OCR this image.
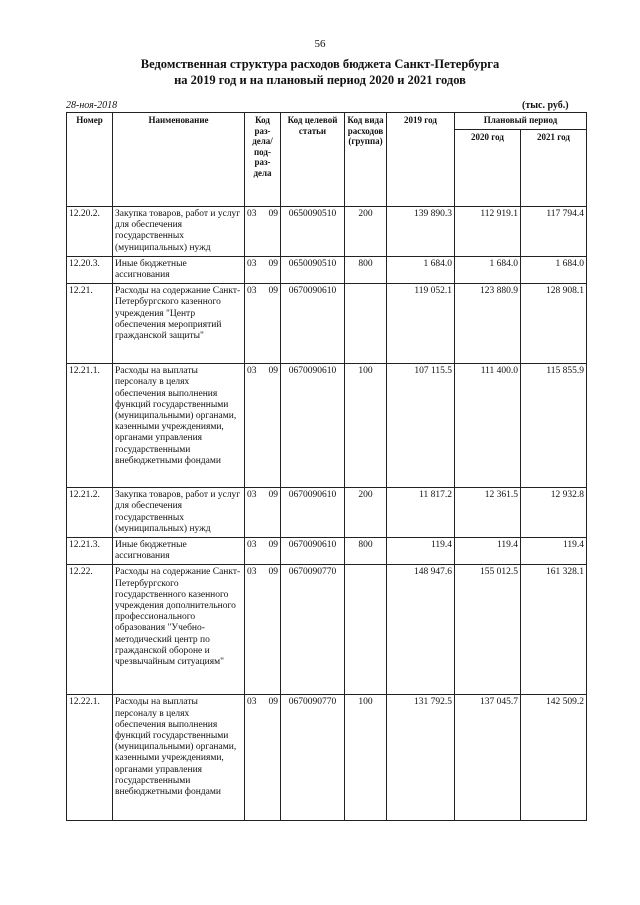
56
Ведомственная структура расходов бюджета Санкт-Петербурга
на 2019 год и на плановый период 2020 и 2021 годов
28-ноя-2018	(тыс. руб.)
Номер	Наименование	Код раз- дела/ под- раз- дела	Код целевой статьи	Код вида расходов (группа)	2019 год	Плановый период	
						2020 год	2021 год
12.20.2.	Закупка товаров, работ и услуг для обеспечения государственных (муниципальных) нужд	03 09	0650090510	200	139 890.3	112 919.1	117 794.4
12.20.3.	Иные бюджетные ассигнования	03 09	0650090510	800	1 684.0	1 684.0	1 684.0
12.21.	Расходы на содержание Санкт-Петербургского казенного учреждения "Центр обеспечения мероприятий гражданской защиты"	03 09	0670090610		119 052.1	123 880.9	128 908.1
12.21.1.	Расходы на выплаты персоналу в целях обеспечения выполнения функций государственными (муниципальными) органами, казенными учреждениями, органами управления государственными внебюджетными фондами	03 09	0670090610	100	107 115.5	111 400.0	115 855.9
12.21.2.	Закупка товаров, работ и услуг для обеспечения государственных (муниципальных) нужд	03 09	0670090610	200	11 817.2	12 361.5	12 932.8
12.21.3.	Иные бюджетные ассигнования	03 09	0670090610	800	119.4	119.4	119.4
12.22.	Расходы на содержание Санкт-Петербургского государственного казенного учреждения дополнительного профессионального образования "Учебно-методический центр по гражданской обороне и чрезвычайным ситуациям"	03 09	0670090770		148 947.6	155 012.5	161 328.1
12.22.1.	Расходы на выплаты персоналу в целях обеспечения выполнения функций государственными (муниципальными) органами, казенными учреждениями, органами управления государственными внебюджетными фондами	03 09	0670090770	100	131 792.5	137 045.7	142 509.2
